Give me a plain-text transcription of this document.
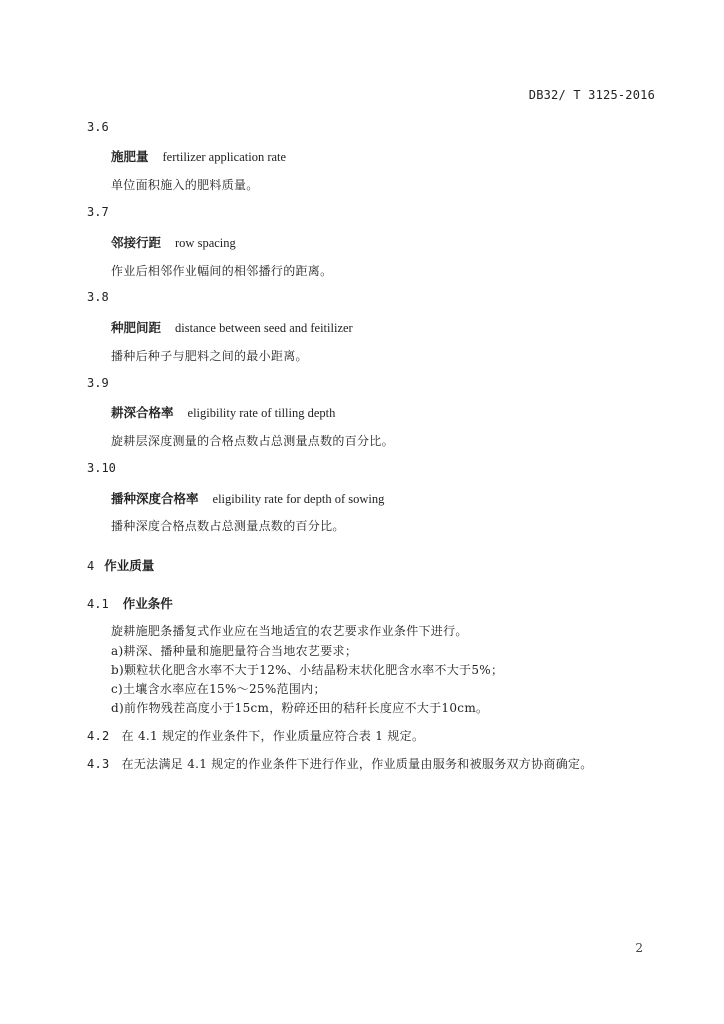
DB32/ T 3125-2016
3.6
施肥量 fertilizer application rate
单位面积施入的肥料质量。
3.7
邻接行距 row spacing
作业后相邻作业幅间的相邻播行的距离。
3.8
种肥间距 distance between seed and feitilizer
播种后种子与肥料之间的最小距离。
3.9
耕深合格率 eligibility rate of tilling depth
旋耕层深度测量的合格点数占总测量点数的百分比。
3.10
播种深度合格率 eligibility rate for depth of sowing
播种深度合格点数占总测量点数的百分比。
4 作业质量
4.1 作业条件
旋耕施肥条播复式作业应在当地适宜的农艺要求作业条件下进行。
a)耕深、播种量和施肥量符合当地农艺要求；
b)颗粒状化肥含水率不大于12%、小结晶粉末状化肥含水率不大于5%；
c)土壤含水率应在15%～25%范围内；
d)前作物残茬高度小于15cm，粉碎还田的秸秆长度应不大于10cm。
4.2 在 4.1 规定的作业条件下，作业质量应符合表 1 规定。
4.3 在无法满足 4.1 规定的作业条件下进行作业，作业质量由服务和被服务双方协商确定。
2
